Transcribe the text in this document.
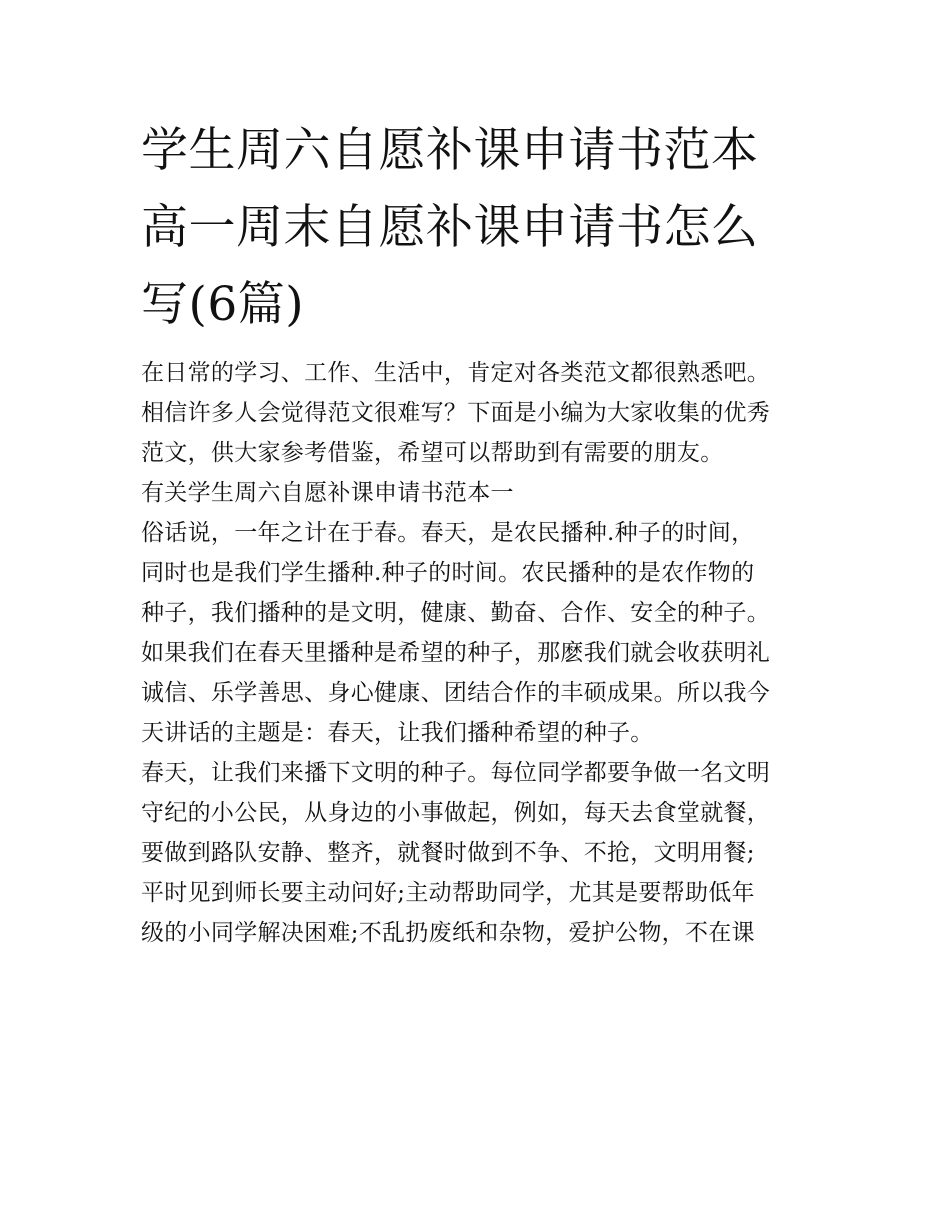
学生周六自愿补课申请书范本
高一周末自愿补课申请书怎么
写(6篇)
在日常的学习、工作、生活中，肯定对各类范文都很熟悉吧。
相信许多人会觉得范文很难写？下面是小编为大家收集的优秀
范文，供大家参考借鉴，希望可以帮助到有需要的朋友。
有关学生周六自愿补课申请书范本一
俗话说，一年之计在于春。春天，是农民播种.种子的时间，
同时也是我们学生播种.种子的时间。农民播种的是农作物的
种子，我们播种的是文明，健康、勤奋、合作、安全的种子。
如果我们在春天里播种是希望的种子，那麽我们就会收获明礼
诚信、乐学善思、身心健康、团结合作的丰硕成果。所以我今
天讲话的主题是：春天，让我们播种希望的种子。
春天，让我们来播下文明的种子。每位同学都要争做一名文明
守纪的小公民，从身边的小事做起，例如，每天去食堂就餐，
要做到路队安静、整齐，就餐时做到不争、不抢，文明用餐;
平时见到师长要主动问好;主动帮助同学，尤其是要帮助低年
级的小同学解决困难;不乱扔废纸和杂物，爱护公物，不在课
